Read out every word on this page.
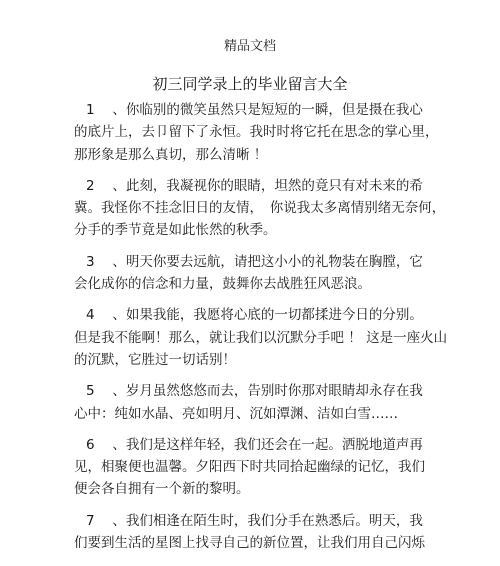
精品文档
初三同学录上的毕业留言大全
1 　、你临别的微笑虽然只是短短的一瞬，但是摄在我心
的底片上，去卩留下了永恒。我时时将它托在思念的掌心里，
那形象是那么真切，那么清晰 ！
2 　、此刻，我凝视你的眼睛，坦然的竟只有对未来的希
冀。我怪你不挂念旧日的友情，　你说我太多离情别绪无奈何，
分手的季节竟是如此怅然的秋季。
3 　、明天你要去远航，请把这小小的礼物装在胸膛，它
会化成你的信念和力量，鼓舞你去战胜狂风恶浪。
4 　、如果我能，我愿将心底的一切都揉进今日的分别。
但是我不能啊！那么，就让我们以沉默分手吧 ！ 这是一座火山
的沉默，它胜过一切话别！
5 　、岁月虽然悠悠而去，告别时你那对眼睛却永存在我
心中：纯如水晶、亮如明月、沉如潭渊、洁如白雪……
6 　、我们是这样年轻，我们还会在一起。洒脱地道声再
见，相聚便也温馨。夕阳西下时共同拾起幽绿的记忆，我们
便会各自拥有一个新的黎明。
7 　、我们相逢在陌生时，我们分手在熟悉后。明天，我
们要到生活的星图上找寻自己的新位置，让我们用自己闪烁
